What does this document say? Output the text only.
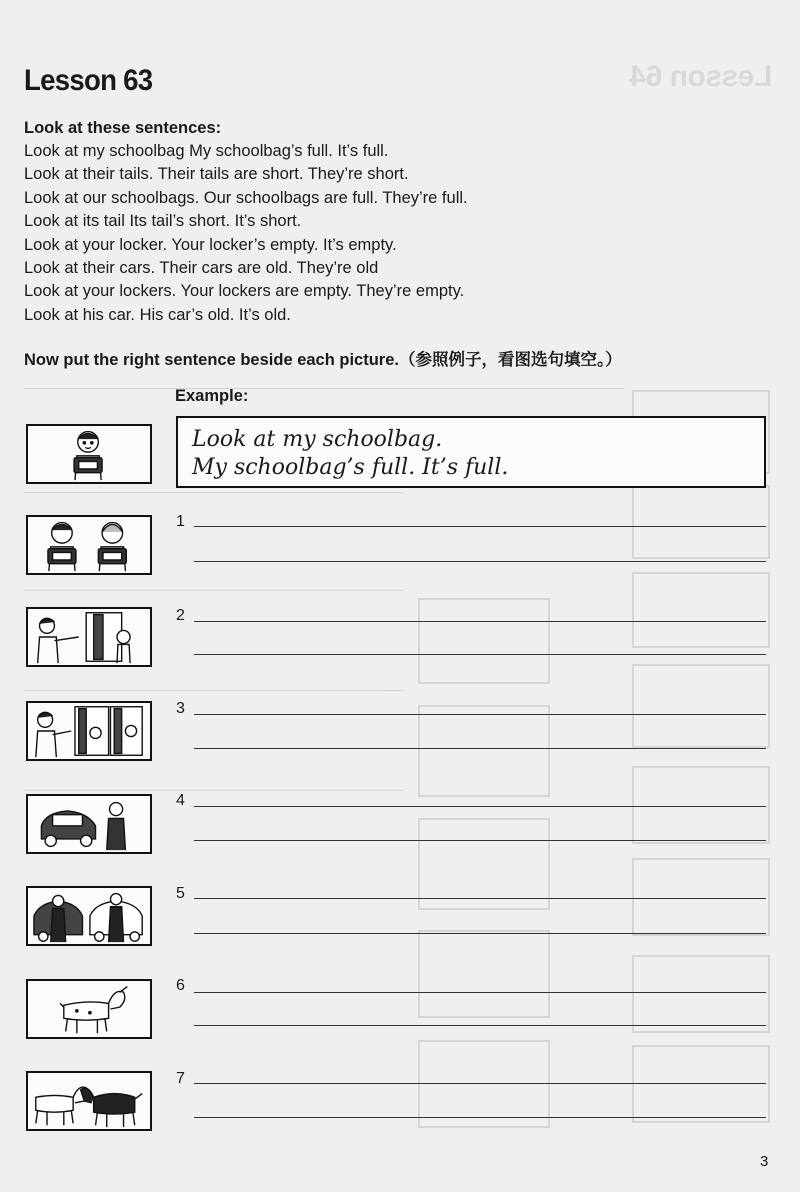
Lesson 64
Lesson 63
Look at these sentences:
Look at my schoolbag My schoolbag’s full. It’s full.
Look at their tails. Their tails are short. They’re short.
Look at our schoolbags. Our schoolbags are full. They’re full.
Look at its tail Its tail’s short. It’s short.
Look at your locker. Your locker’s empty. It’s empty.
Look at their cars. Their cars are old. They’re old
Look at your lockers. Your lockers are empty. They’re empty.
Look at his car. His car’s old. It’s old.

Now put the right sentence beside each picture.（参照例子，看图选句填空。）

Example:
Look at my schoolbag.
My schoolbag’s full. It’s full.
1
2
3
4
5
6
7
3
